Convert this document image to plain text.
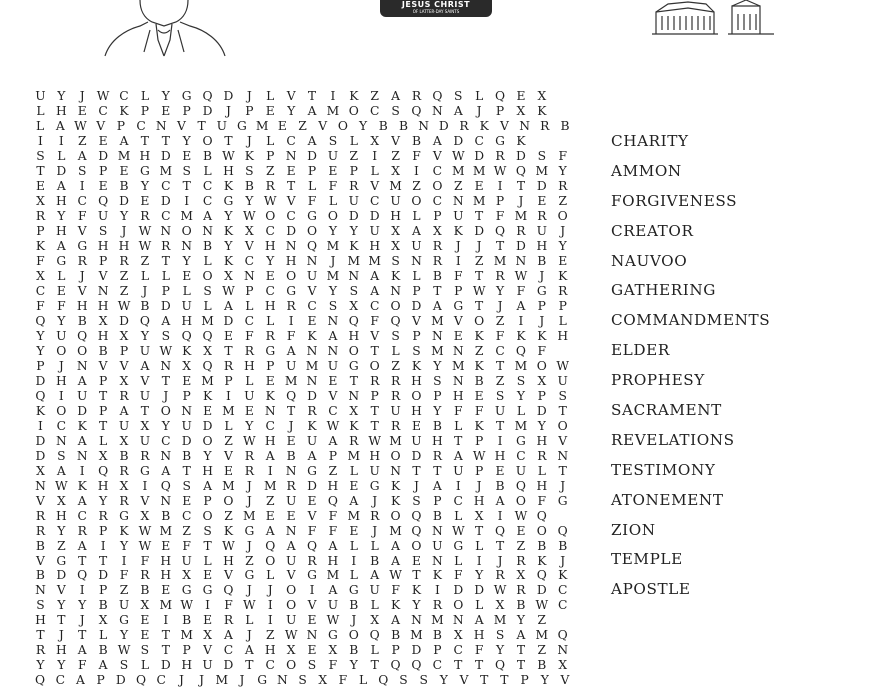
JESUS CHRIST
OF LATTER-DAY SAINTS
U Y	J W C L	Y G Q D	J	L	V	T	I	K Z A R Q S	L Q E X
L H E C K P E P D	J	P E	Y	A M O C S Q N A	J	P	X K
L A W V P C N V T U G M E Z V O Y B B N D R K V N R B
I	I	Z E A	T	T	Y O T	J	L C A S	L	X V B A D C G K
S	L	A D M H D E B W K P N D U Z	I	Z	F V W D R D S	F
T D S	P E G M S	L H S	Z E P E P	L	X	I	C M M W Q M Y
E A	I	E B Y C T C K B R T	L	F R V M Z O Z E	I	T D R
X H C Q D E D	I	C G Y W V F	L U C U O C N M P	J	E Z
R Y	F U Y R C M A	Y W O C G O D D H L	P U T	F M R O
P H V S	J W N O N K X C D O Y	Y U X A X K D Q R U	J
K A G H H W R N B Y	V H N Q M K H X U R	J	J	T D H Y
F G R P R Z	T	Y	L K C Y H N	J M M S N R	I	Z M N B E
X	L	J	V Z	L	L	E O X N E O U M N A K L B F	T R W J	K
C E V N Z	J	P	L	S W P C G V	Y	S A N P	T	P W Y	F G R
F	F H H W B D U L	A	L H R C S X C O D A G T	J	A P	P
Q Y	B X D Q A H M D C L	I	E N Q F Q V M V O Z	I	J	L
Y U Q H X	Y	S Q Q E F R F K A H V S	P N E K F K K H
Y O O B P U W K X	T R G A N N O T	L	S M N Z C Q F
P	J	N V V A N X Q R H P U M U G O Z K Y M K T M O W
D H A P	X V	T E M P	L	E M N E T R R H S N B Z	S X U
Q	I	U T R U	J	P K	I	U K Q D V N P R O P H E S	Y	P	S
K O D P	A	T O N E M E N T R C X	T U H Y	F	F U L D T
I	C K T U X	Y U D L	Y C	J	K W K T R E B L K T M Y O
D N A	L	X U C D O Z W H E U A R W M U H T	P	I	G H V
D S N X B R N B Y	V R A B A P M H O D R A W H C R N
X A	I	Q R G A	T H E R	I	N G Z	L U N T	T U P E U L	T
N W K H X	I	Q S A M J M R D H E G K	J	A	I	J	B Q H	J
V X A	Y R V N E P O	J	Z U E Q A	J	K S	P C H A O F G
R H C R G X B C O Z M E E V F M R O Q B L	X	I W Q
R Y R P K W M Z	S K G A N F	F E	J M Q N W T Q E O Q
B Z A	I	Y W E F	T W J	Q A Q A	L	L	A O U G L	T	Z B B
V G T	T	I	F H U L H Z O U R H	I	B A E N L	I	J	R K	J
B D Q D F R H X E V G L	V G M L	A W T K F	Y R X Q K
N V	I	P	Z B E G G Q	J	J	O	I	A G U F K	I	D D W R D C
S	Y	Y	B U X M W I	F W I	O V U B L K Y R O L	X B W C
H T	J	X G E	I	B E R L	I	U E W J	X A N M N A M Y	Z
T	J	T	L	Y	E T M X A	J	Z W N G O Q B M B X H S A M Q
R H A B W S	T	P	V C A H X E X B L	P D P C F	Y	T	Z N
Y	Y	F A S	L D H U D T C O S	F	Y	T Q Q C T	T Q T B X
Q C A P D Q C	J	J M J	G N S X F L Q S S Y V T T P Y V
CHARITY
AMMON
FORGIVENESS
CREATOR
NAUVOO
GATHERING
COMMANDMENTS
ELDER
PROPHESY
SACRAMENT
REVELATIONS
TESTIMONY
ATONEMENT
ZION
TEMPLE
APOSTLE
